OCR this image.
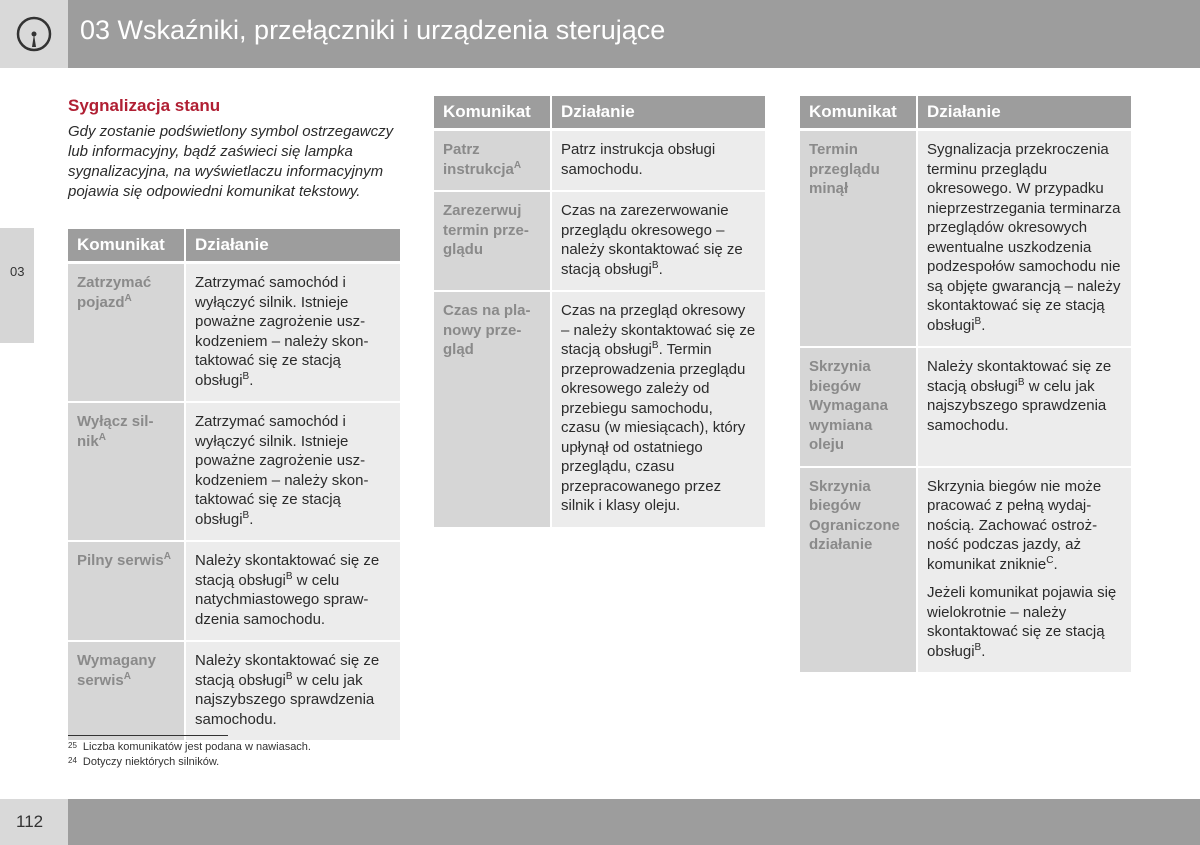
03 Wskaźniki, przełączniki i urządzenia sterujące
03
Sygnalizacja stanu
Gdy zostanie podświetlony symbol ostrzegawczy lub informacyjny, bądź zaświeci się lampka sygnalizacyjna, na wyświetlaczu informacyjnym pojawia się odpowiedni komunikat tekstowy.
Komunikat	Działanie
Zatrzymać pojazd$^A$	Zatrzymać samochód i wyłączyć silnik. Istnieje poważne zagrożenie uszkodzeniem – należy skontaktować się ze stacją obsługi$^B$.

Wyłącz silnik$^A$	Zatrzymać samochód i wyłączyć silnik. Istnieje poważne zagrożenie uszkodzeniem – należy skontaktować się ze stacją obsługi$^B$.

Pilny serwis$^A$	Należy skontaktować się ze stacją obsługi$^B$ w celu natychmiastowego sprawdzenia samochodu.

Wymagany serwis$^A$	Należy skontaktować się ze stacją obsługi$^B$ w celu jak najszybszego sprawdzenia samochodu.

Komunikat	Działanie
Patrz instrukcja$^A$	Patrz instrukcja obsługi samochodu.

Zarezerwuj termin przeglądu	Czas na zarezerwowanie przeglądu okresowego – należy skontaktować się ze stacją obsługi$^B$.

Czas na planowy przegląd	Czas na przegląd okresowy – należy skontaktować się ze stacją obsługi$^B$. Termin przeprowadzenia przeglądu okresowego zależy od przebiegu samochodu, czasu (w miesiącach), który upłynął od ostatniego przeglądu, czasu przepracowanego przez silnik i klasy oleju.

Komunikat	Działanie
Termin przeglądu minął	Sygnalizacja przekroczenia terminu przeglądu okresowego. W przypadku nieprzestrzegania terminarza przeglądów okresowych ewentualne uszkodzenia podzespołów samochodu nie są objęte gwarancją – należy skontaktować się ze stacją obsługi$^B$.

Skrzynia biegów Wymagana wymiana oleju	Należy skontaktować się ze stacją obsługi$^B$ w celu jak najszybszego sprawdzenia samochodu.

Skrzynia biegów Ograniczone działanie	Skrzynia biegów nie może pracować z pełną wydajnością. Zachować ostrożność podczas jazdy, aż komunikat zniknie$^C$.

Jeżeli komunikat pojawia się wielokrotnie – należy skontaktować się ze stacją obsługi$^B$.

$^{25}$ Liczba komunikatów jest podana w nawiasach.
$^{24}$ Dotyczy niektórych silników.
112
